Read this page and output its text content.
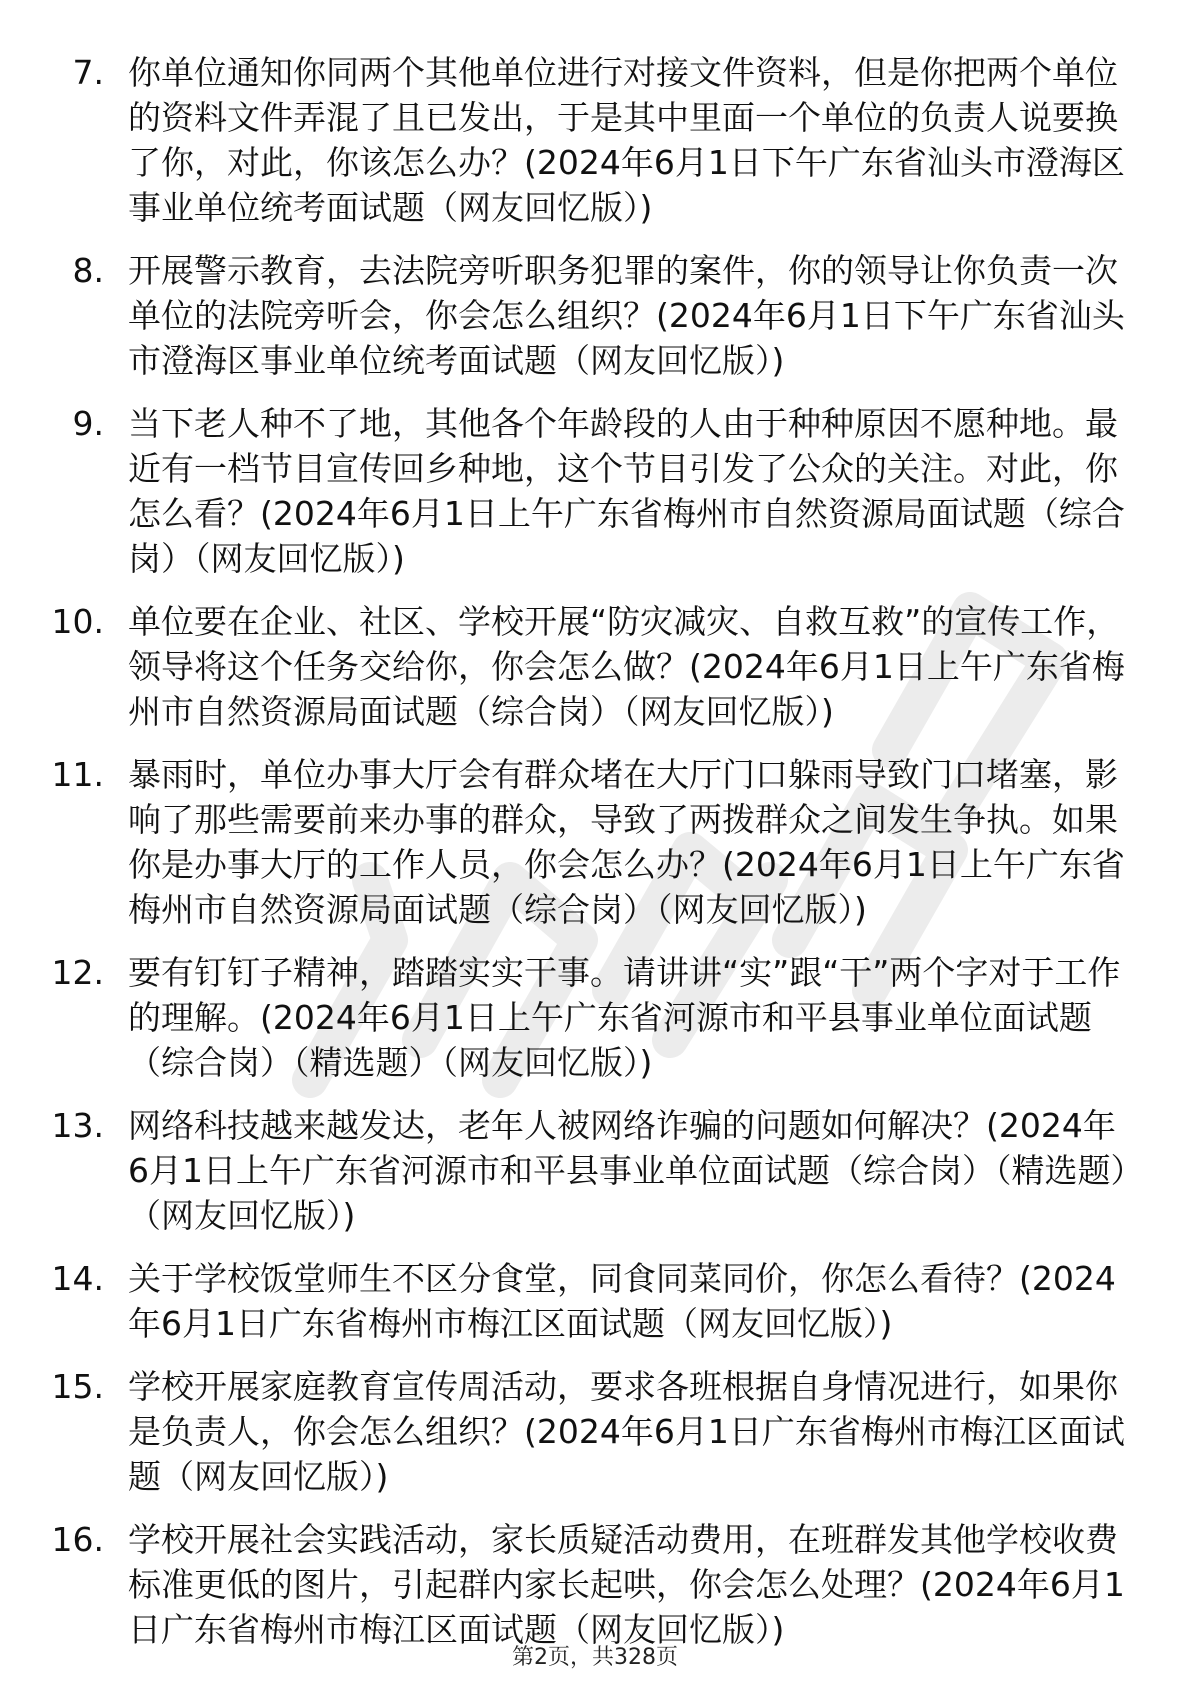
7. 你单位通知你同两个其他单位进行对接文件资料，但是你把两个单位的资料文件弄混了且已发出，于是其中里面一个单位的负责人说要换了你，对此，你该怎么办？(2024年6月1日下午广东省汕头市澄海区事业单位统考面试题（网友回忆版）)
8. 开展警示教育，去法院旁听职务犯罪的案件，你的领导让你负责一次单位的法院旁听会，你会怎么组织？(2024年6月1日下午广东省汕头市澄海区事业单位统考面试题（网友回忆版）)
9. 当下老人种不了地，其他各个年龄段的人由于种种原因不愿种地。最近有一档节目宣传回乡种地，这个节目引发了公众的关注。对此，你怎么看？(2024年6月1日上午广东省梅州市自然资源局面试题（综合岗）（网友回忆版）)
10. 单位要在企业、社区、学校开展“防灾减灾、自救互救”的宣传工作，领导将这个任务交给你，你会怎么做？(2024年6月1日上午广东省梅州市自然资源局面试题（综合岗）（网友回忆版）)
11. 暴雨时，单位办事大厅会有群众堵在大厅门口躲雨导致门口堵塞，影响了那些需要前来办事的群众，导致了两拨群众之间发生争执。如果你是办事大厅的工作人员，你会怎么办？(2024年6月1日上午广东省梅州市自然资源局面试题（综合岗）（网友回忆版）)
12. 要有钉钉子精神，踏踏实实干事。请讲讲“实”跟“干”两个字对于工作的理解。(2024年6月1日上午广东省河源市和平县事业单位面试题（综合岗）（精选题）（网友回忆版）)
13. 网络科技越来越发达，老年人被网络诈骗的问题如何解决？(2024年6月1日上午广东省河源市和平县事业单位面试题（综合岗）（精选题）（网友回忆版）)
14. 关于学校饭堂师生不区分食堂，同食同菜同价，你怎么看待？(2024年6月1日广东省梅州市梅江区面试题（网友回忆版）)
15. 学校开展家庭教育宣传周活动，要求各班根据自身情况进行，如果你是负责人，你会怎么组织？(2024年6月1日广东省梅州市梅江区面试题（网友回忆版）)
16. 学校开展社会实践活动，家长质疑活动费用，在班群发其他学校收费标准更低的图片，引起群内家长起哄，你会怎么处理？(2024年6月1日广东省梅州市梅江区面试题（网友回忆版）)
第2页，共328页
